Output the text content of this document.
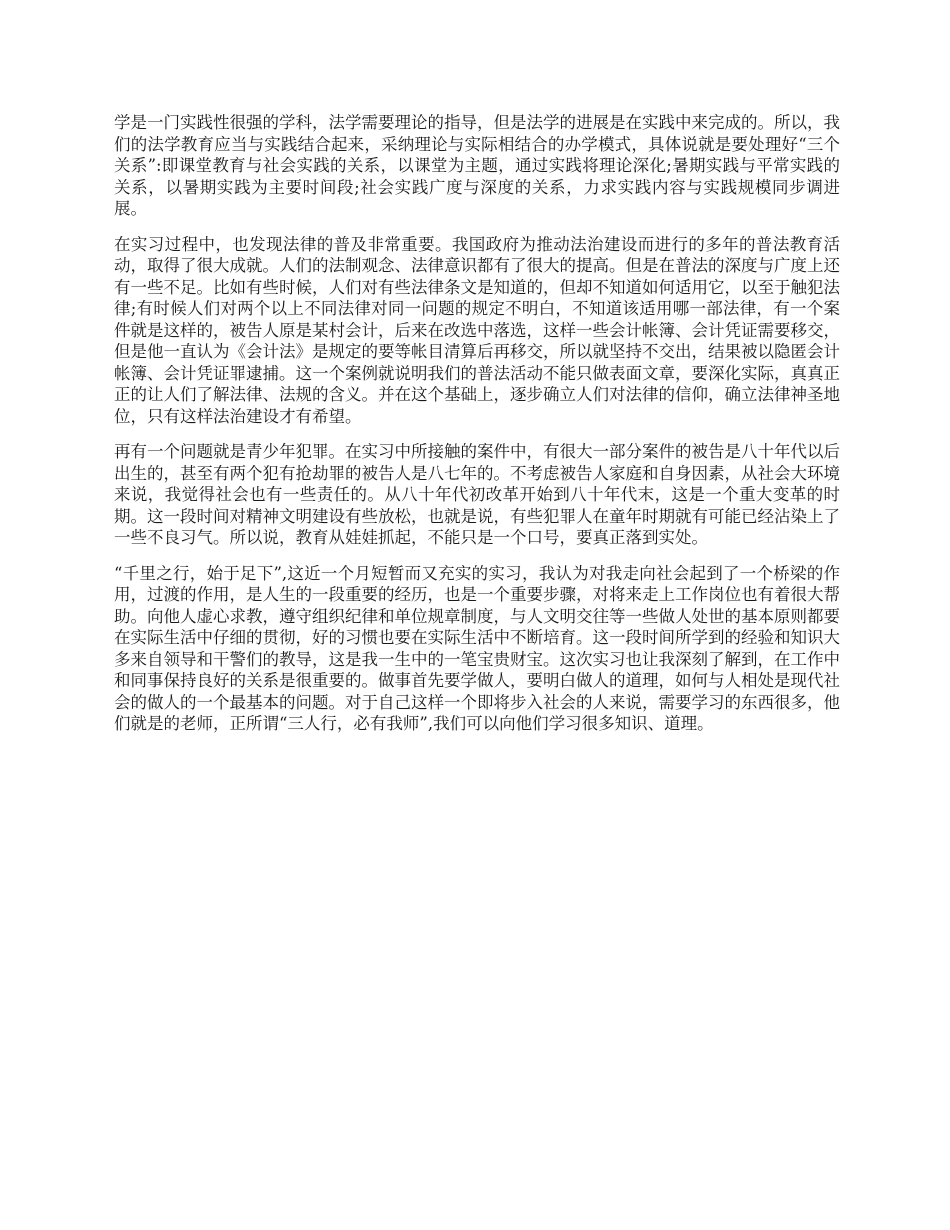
学是一门实践性很强的学科，法学需要理论的指导，但是法学的进展是在实践中来完成的。所以，我们的法学教育应当与实践结合起来，采纳理论与实际相结合的办学模式，具体说就是要处理好“三个关系”:即课堂教育与社会实践的关系，以课堂为主题，通过实践将理论深化;暑期实践与平常实践的关系，以暑期实践为主要时间段;社会实践广度与深度的关系，力求实践内容与实践规模同步调进展。

在实习过程中，也发现法律的普及非常重要。我国政府为推动法治建设而进行的多年的普法教育活动，取得了很大成就。人们的法制观念、法律意识都有了很大的提高。但是在普法的深度与广度上还有一些不足。比如有些时候，人们对有些法律条文是知道的，但却不知道如何适用它，以至于触犯法律;有时候人们对两个以上不同法律对同一问题的规定不明白，不知道该适用哪一部法律，有一个案件就是这样的，被告人原是某村会计，后来在改选中落选，这样一些会计帐簿、会计凭证需要移交，但是他一直认为《会计法》是规定的要等帐目清算后再移交，所以就坚持不交出，结果被以隐匿会计帐簿、会计凭证罪逮捕。这一个案例就说明我们的普法活动不能只做表面文章，要深化实际，真真正正的让人们了解法律、法规的含义。并在这个基础上，逐步确立人们对法律的信仰，确立法律神圣地位，只有这样法治建设才有希望。

再有一个问题就是青少年犯罪。在实习中所接触的案件中，有很大一部分案件的被告是八十年代以后出生的，甚至有两个犯有抢劫罪的被告人是八七年的。不考虑被告人家庭和自身因素，从社会大环境来说，我觉得社会也有一些责任的。从八十年代初改革开始到八十年代末，这是一个重大变革的时期。这一段时间对精神文明建设有些放松，也就是说，有些犯罪人在童年时期就有可能已经沾染上了一些不良习气。所以说，教育从娃娃抓起，不能只是一个口号，要真正落到实处。

“千里之行，始于足下”,这近一个月短暂而又充实的实习，我认为对我走向社会起到了一个桥梁的作用，过渡的作用，是人生的一段重要的经历，也是一个重要步骤，对将来走上工作岗位也有着很大帮助。向他人虚心求教，遵守组织纪律和单位规章制度，与人文明交往等一些做人处世的基本原则都要在实际生活中仔细的贯彻，好的习惯也要在实际生活中不断培育。这一段时间所学到的经验和知识大多来自领导和干警们的教导，这是我一生中的一笔宝贵财宝。这次实习也让我深刻了解到，在工作中和同事保持良好的关系是很重要的。做事首先要学做人，要明白做人的道理，如何与人相处是现代社会的做人的一个最基本的问题。对于自己这样一个即将步入社会的人来说，需要学习的东西很多，他们就是的老师，正所谓“三人行，必有我师”,我们可以向他们学习很多知识、道理。
